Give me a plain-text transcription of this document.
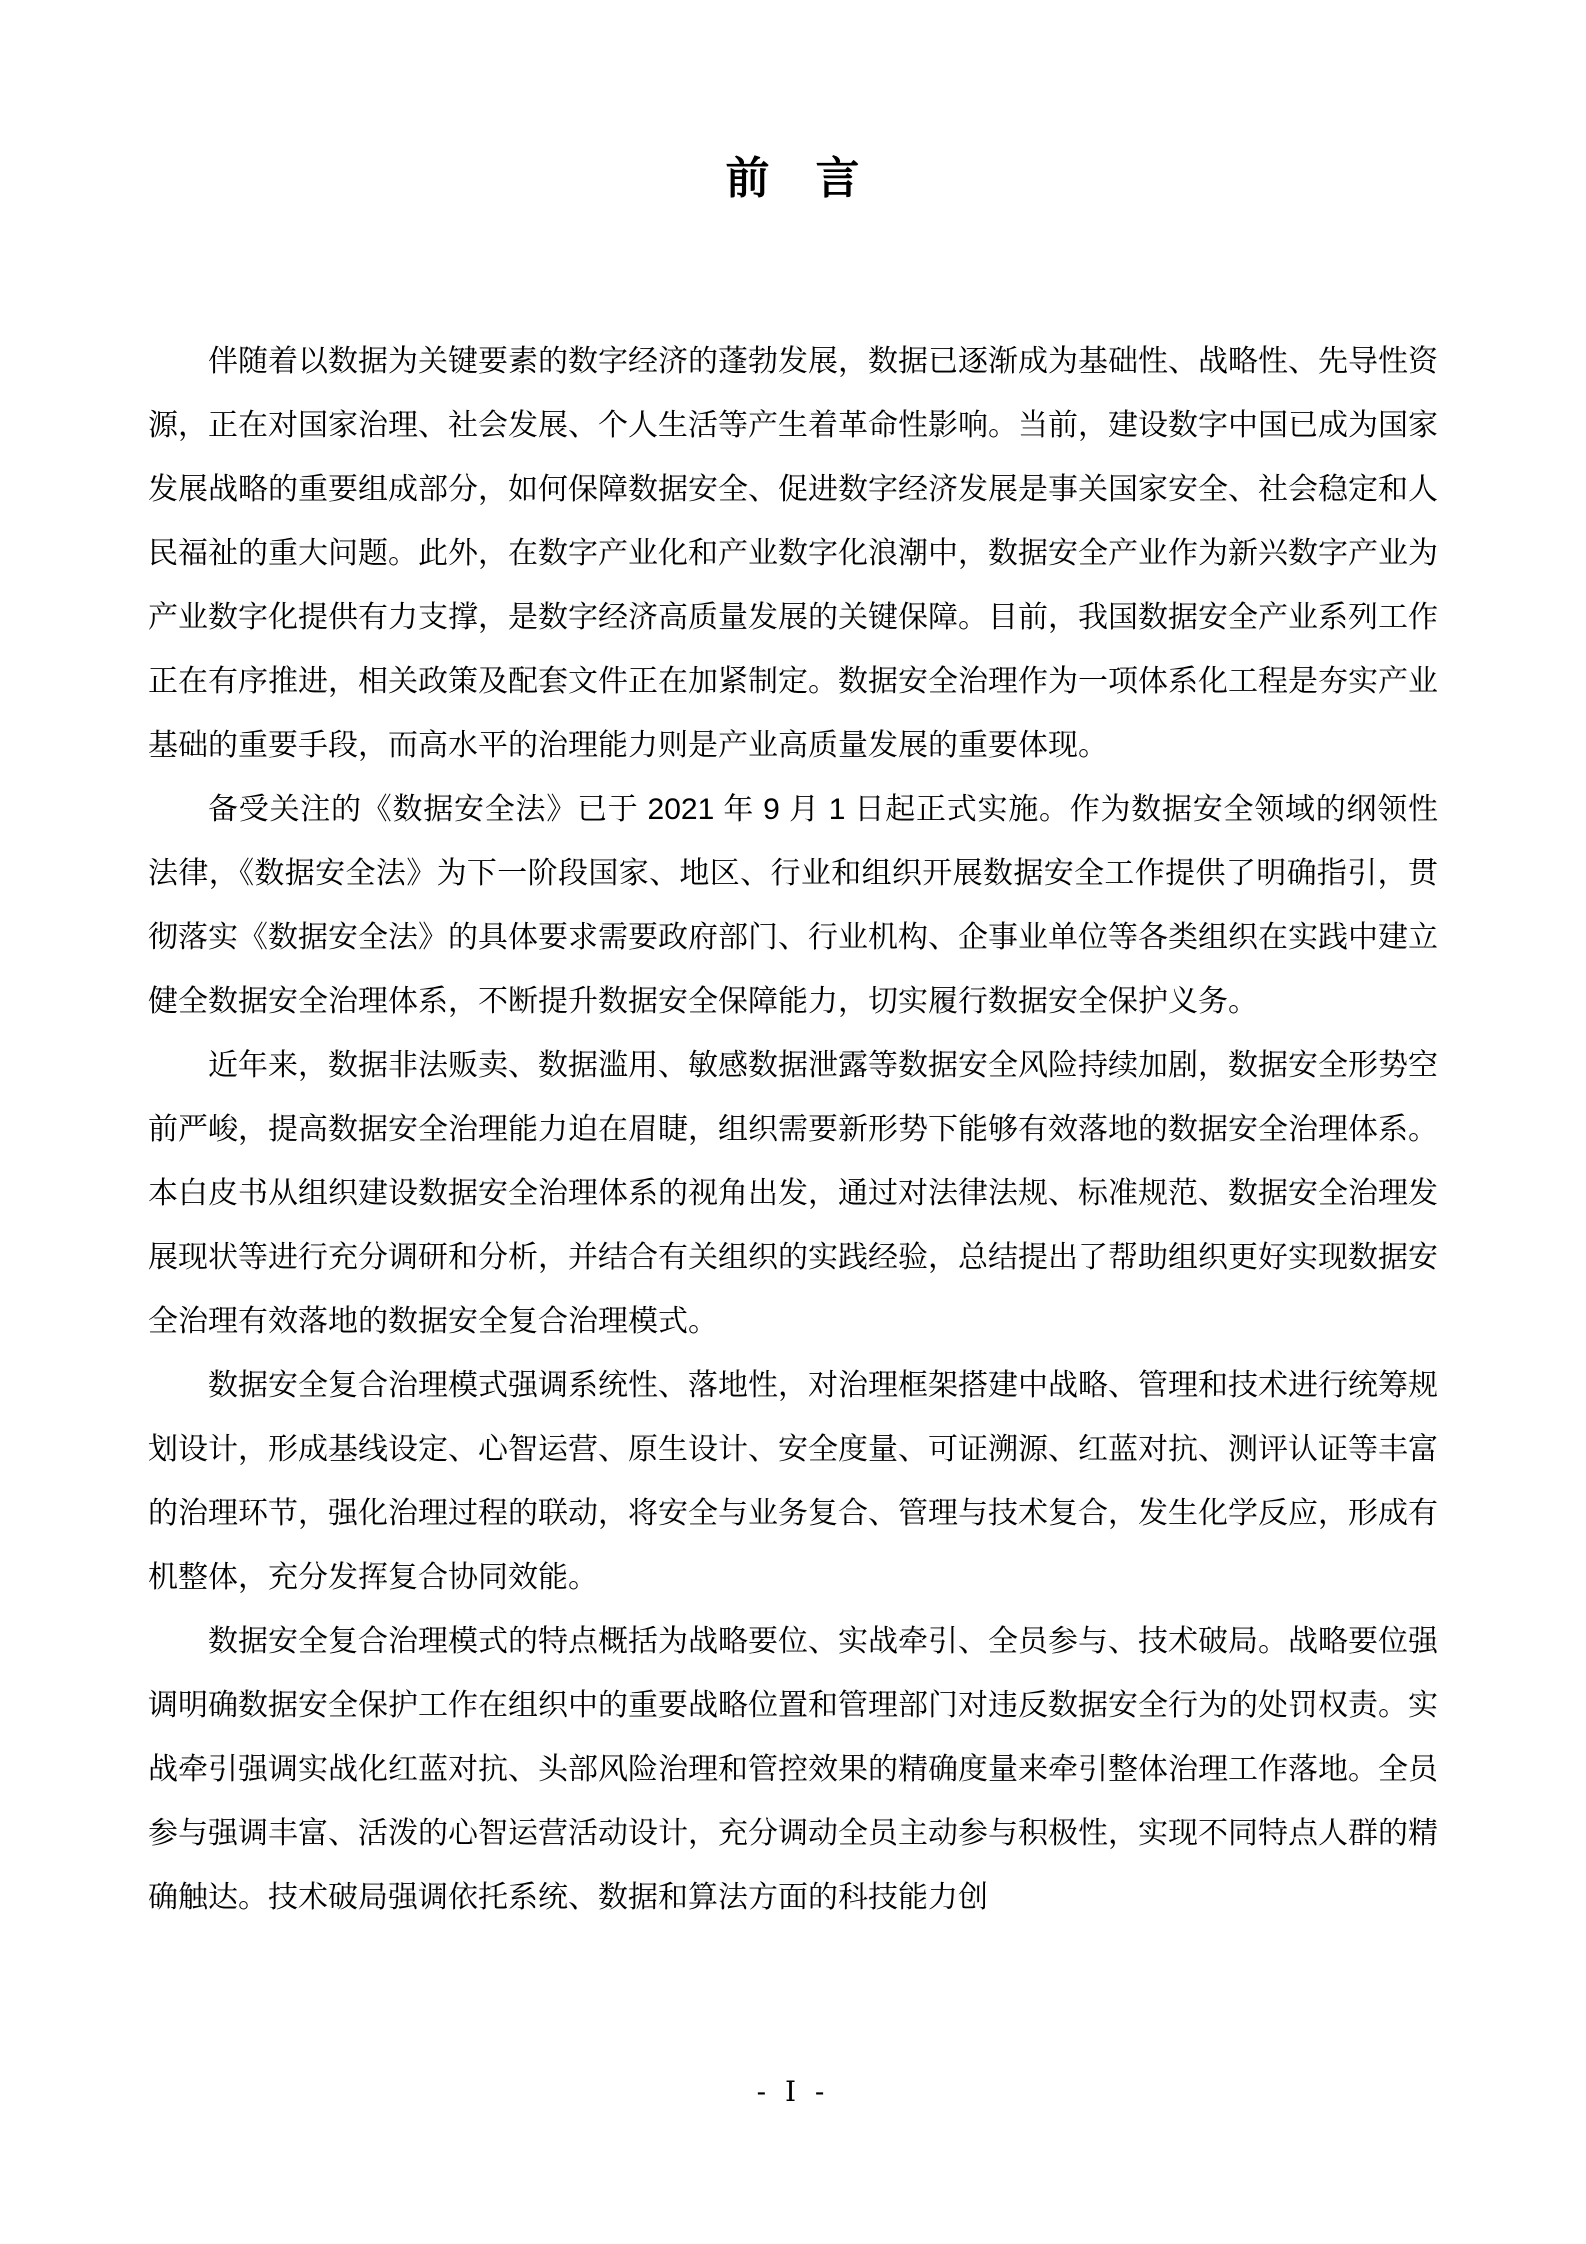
前　言

伴随着以数据为关键要素的数字经济的蓬勃发展，数据已逐渐成为基础性、战略性、先导性资源，正在对国家治理、社会发展、个人生活等产生着革命性影响。当前，建设数字中国已成为国家发展战略的重要组成部分，如何保障数据安全、促进数字经济发展是事关国家安全、社会稳定和人民福祉的重大问题。此外，在数字产业化和产业数字化浪潮中，数据安全产业作为新兴数字产业为产业数字化提供有力支撑，是数字经济高质量发展的关键保障。目前，我国数据安全产业系列工作正在有序推进，相关政策及配套文件正在加紧制定。数据安全治理作为一项体系化工程是夯实产业基础的重要手段，而高水平的治理能力则是产业高质量发展的重要体现。

备受关注的《数据安全法》已于 2021 年 9 月 1 日起正式实施。作为数据安全领域的纲领性法律，《数据安全法》为下一阶段国家、地区、行业和组织开展数据安全工作提供了明确指引，贯彻落实《数据安全法》的具体要求需要政府部门、行业机构、企事业单位等各类组织在实践中建立健全数据安全治理体系，不断提升数据安全保障能力，切实履行数据安全保护义务。

近年来，数据非法贩卖、数据滥用、敏感数据泄露等数据安全风险持续加剧，数据安全形势空前严峻，提高数据安全治理能力迫在眉睫，组织需要新形势下能够有效落地的数据安全治理体系。本白皮书从组织建设数据安全治理体系的视角出发，通过对法律法规、标准规范、数据安全治理发展现状等进行充分调研和分析，并结合有关组织的实践经验，总结提出了帮助组织更好实现数据安全治理有效落地的数据安全复合治理模式。

数据安全复合治理模式强调系统性、落地性，对治理框架搭建中战略、管理和技术进行统筹规划设计，形成基线设定、心智运营、原生设计、安全度量、可证溯源、红蓝对抗、测评认证等丰富的治理环节，强化治理过程的联动，将安全与业务复合、管理与技术复合，发生化学反应，形成有机整体，充分发挥复合协同效能。

数据安全复合治理模式的特点概括为战略要位、实战牵引、全员参与、技术破局。战略要位强调明确数据安全保护工作在组织中的重要战略位置和管理部门对违反数据安全行为的处罚权责。实战牵引强调实战化红蓝对抗、头部风险治理和管控效果的精确度量来牵引整体治理工作落地。全员参与强调丰富、活泼的心智运营活动设计，充分调动全员主动参与积极性，实现不同特点人群的精确触达。技术破局强调依托系统、数据和算法方面的科技能力创

- Ⅰ -
